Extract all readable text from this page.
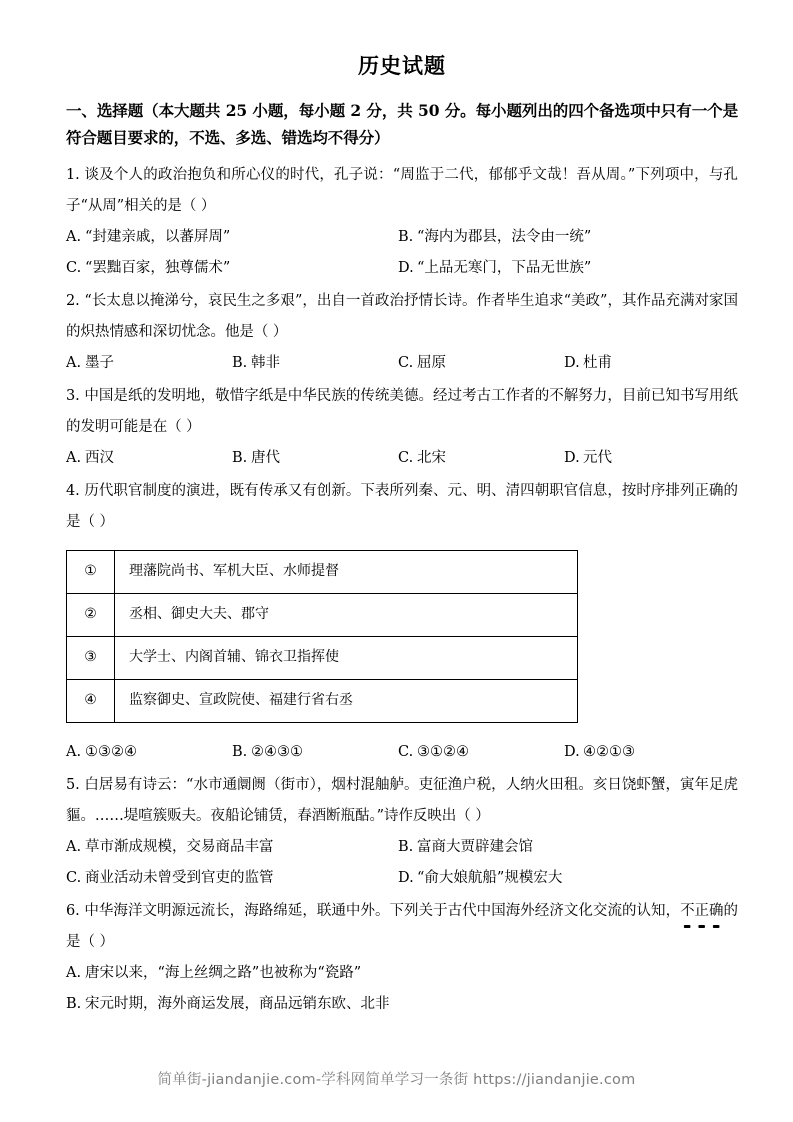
历史试题
一、选择题（本大题共 25 小题，每小题 2 分，共 50 分。每小题列出的四个备选项中只有一个是符合题目要求的，不选、多选、错选均不得分）

1. 谈及个人的政治抱负和所心仪的时代，孔子说：“周监于二代，郁郁乎文哉！吾从周。”下列项中，与孔子“从周”相关的是（ ）

A. “封建亲戚，以蕃屏周”	B. “海内为郡县，法令由一统”
C. “罢黜百家，独尊儒术”	D. “上品无寒门，下品无世族”

2. “长太息以掩涕兮，哀民生之多艰”，出自一首政治抒情长诗。作者毕生追求“美政”，其作品充满对家国的炽热情感和深切忧念。他是（ ）

A. 墨子	B. 韩非	C. 屈原	D. 杜甫

3. 中国是纸的发明地，敬惜字纸是中华民族的传统美德。经过考古工作者的不解努力，目前已知书写用纸的发明可能是在（ ）

A. 西汉	B. 唐代	C. 北宋	D. 元代

4. 历代职官制度的演进，既有传承又有创新。下表所列秦、元、明、清四朝职官信息，按时序排列正确的是（ ）

①	理藩院尚书、军机大臣、水师提督
②	丞相、御史大夫、郡守
③	大学士、内阁首辅、锦衣卫指挥使
④	监察御史、宣政院使、福建行省右丞
A. ①③②④	B. ②④③①	C. ③①②④	D. ④②①③

5. 白居易有诗云：“水市通阛阓（街市），烟村混舳舻。吏征渔户税，人纳火田租。亥日饶虾蟹，寅年足虎貙。……堤喧簇贩夫。夜船论铺赁，春酒断瓶酤。”诗作反映出（ ）

A. 草市渐成规模，交易商品丰富	B. 富商大贾辟建会馆
C. 商业活动未曾受到官吏的监管	D. “俞大娘航船”规模宏大

6. 中华海洋文明源远流长，海路绵延，联通中外。下列关于古代中国海外经济文化交流的认知，不正确的是（ ）

A. 唐宋以来，“海上丝绸之路”也被称为“瓷路”
B. 宋元时期，海外商运发展，商品远销东欧、北非
简单街-jiandanjie.com-学科网简单学习一条街 https://jiandanjie.com
